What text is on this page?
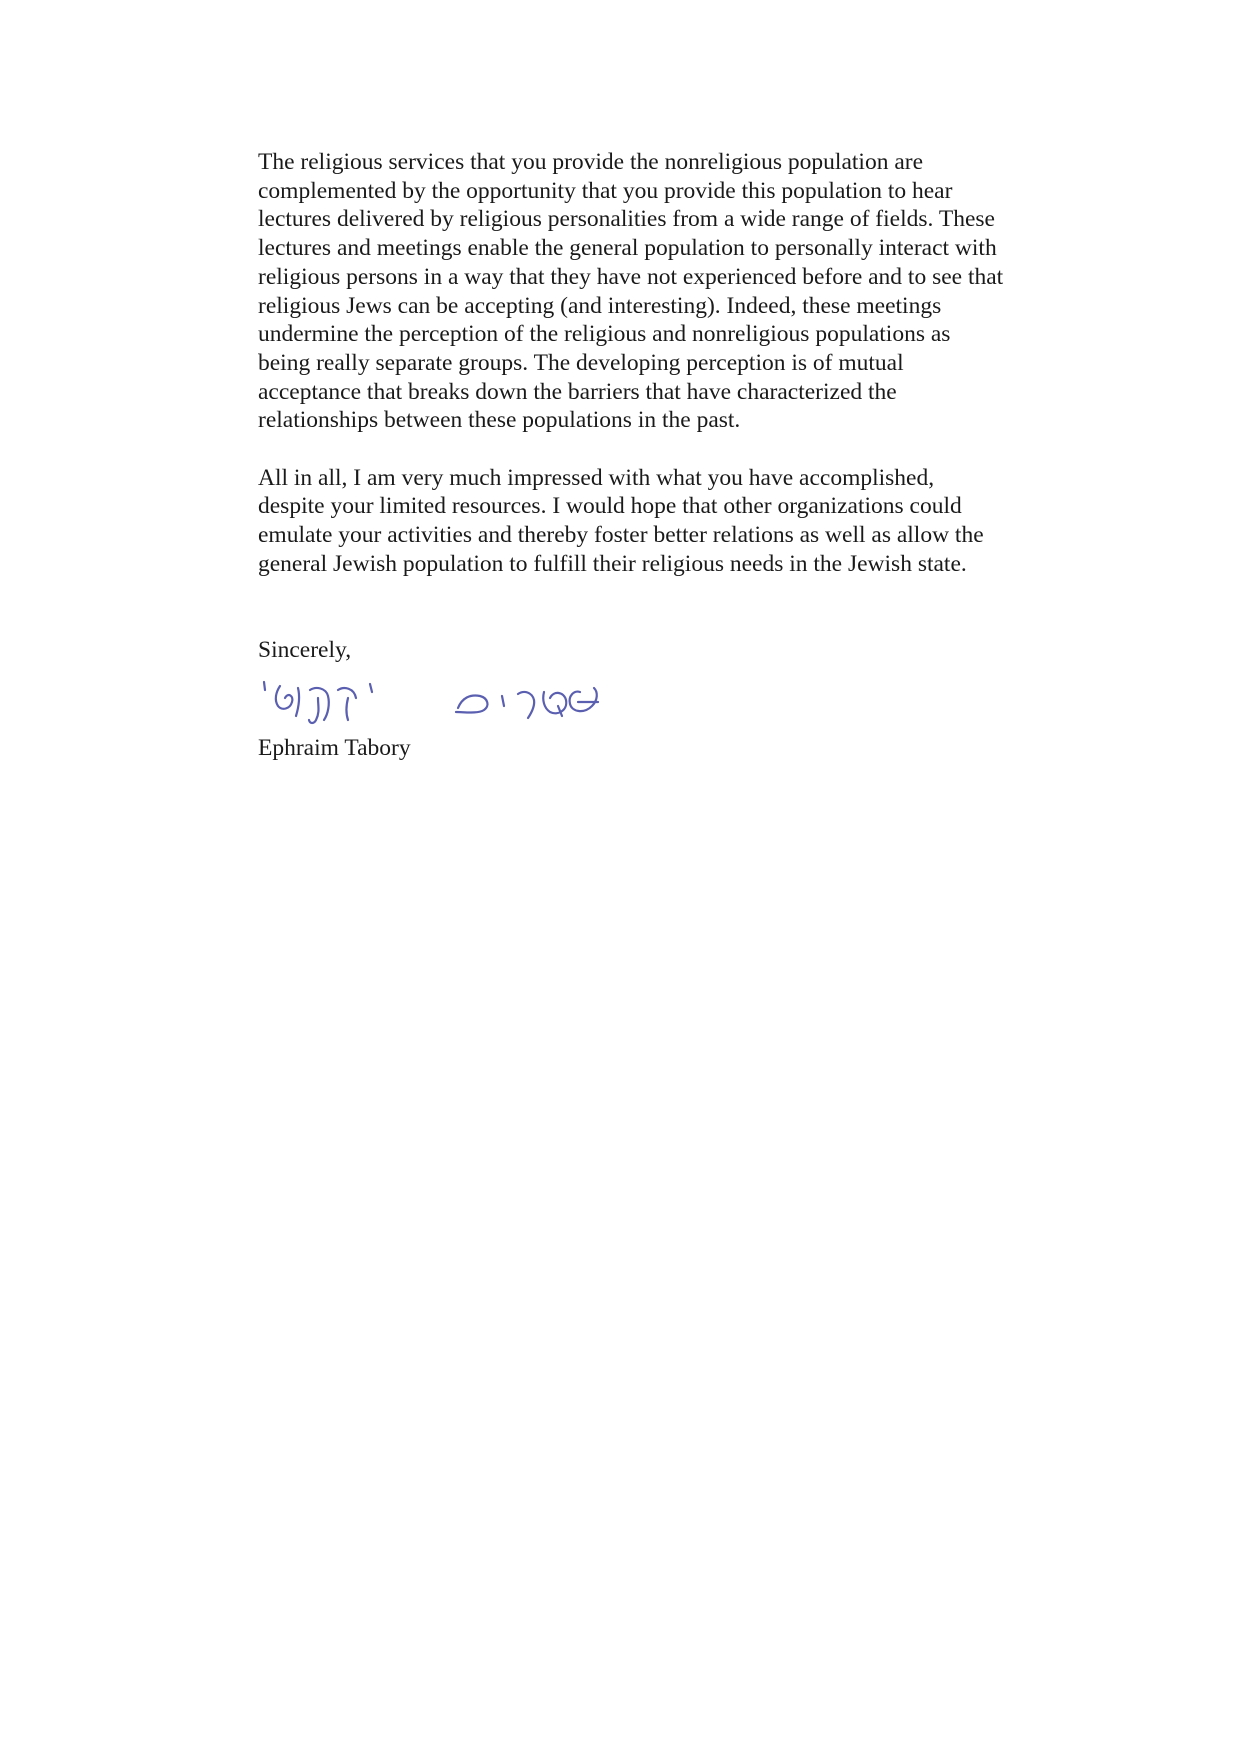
The religious services that you provide the nonreligious population are
complemented by the opportunity that you provide this population to hear
lectures delivered by religious personalities from a wide range of fields. These
lectures and meetings enable the general population to personally interact with
religious persons in a way that they have not experienced before and to see that
religious Jews can be accepting (and interesting). Indeed, these meetings
undermine the perception of the religious and nonreligious populations as
being really separate groups. The developing perception is of mutual
acceptance that breaks down the barriers that have characterized the
relationships between these populations in the past.

All in all, I am very much impressed with what you have accomplished,
despite your limited resources. I would hope that other organizations could
emulate your activities and thereby foster better relations as well as allow the
general Jewish population to fulfill their religious needs in the Jewish state.

Sincerely,
Ephraim Tabory
